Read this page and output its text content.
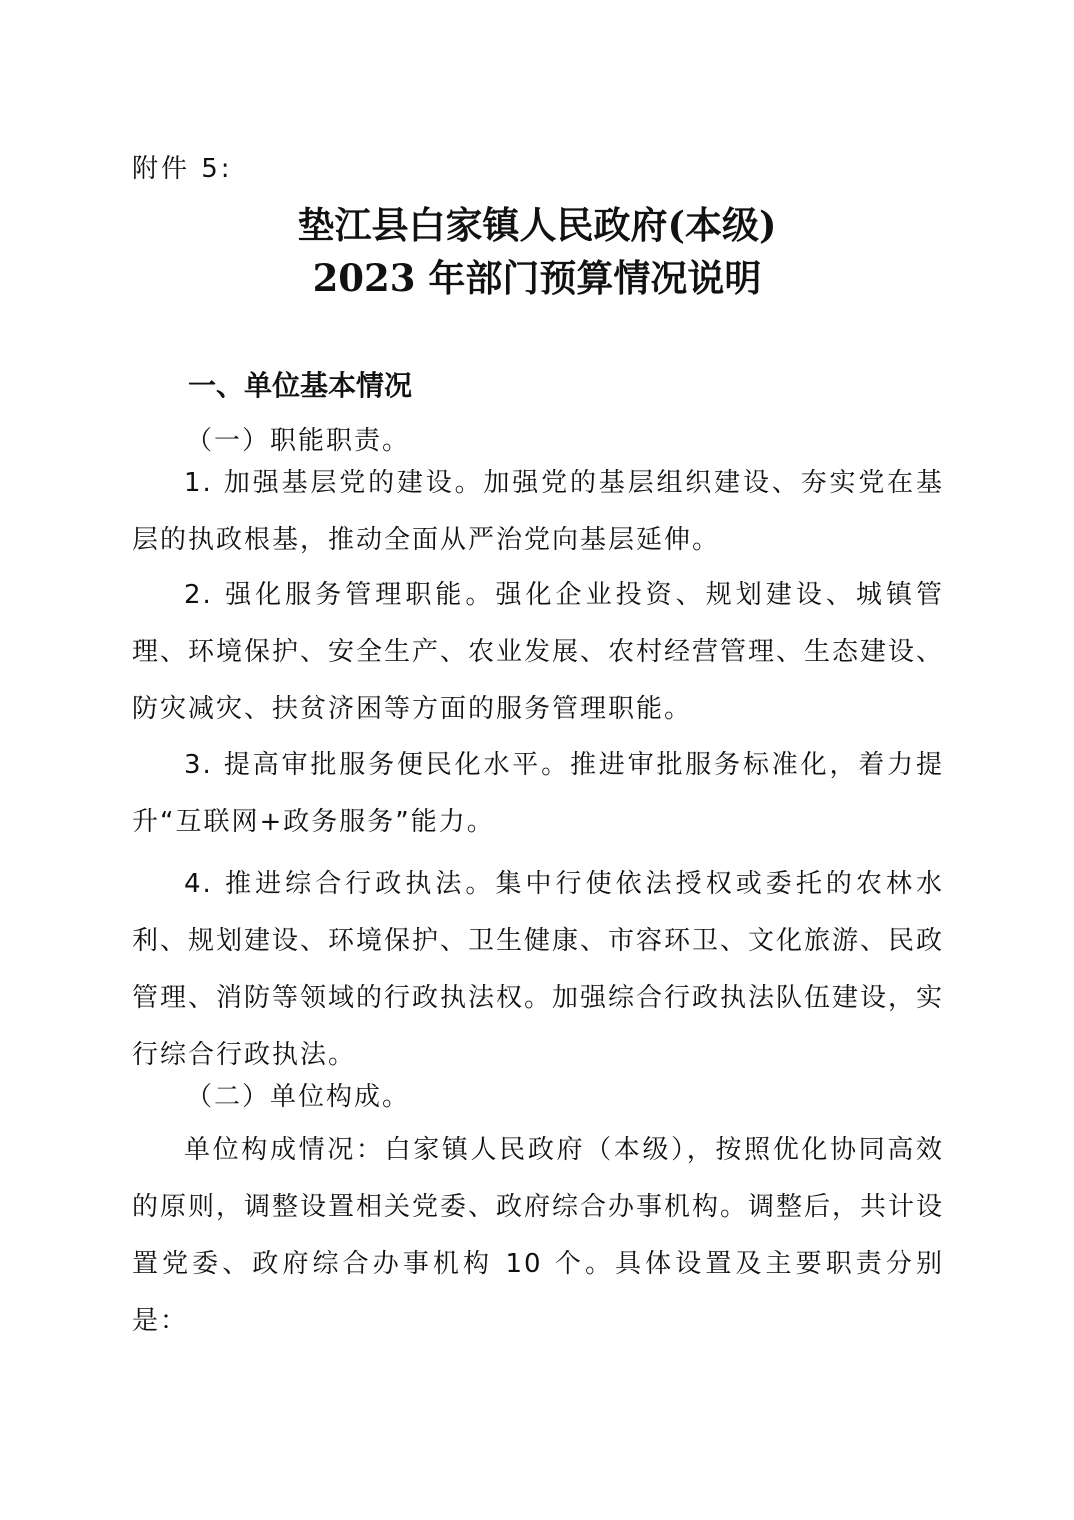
附件 5:
垫江县白家镇人民政府(本级)
2023 年部门预算情况说明
一、单位基本情况
（一）职能职责。

1. 加强基层党的建设。加强党的基层组织建设、夯实党在基层的执政根基，推动全面从严治党向基层延伸。

2. 强化服务管理职能。强化企业投资、规划建设、城镇管理、环境保护、安全生产、农业发展、农村经营管理、生态建设、防灾减灾、扶贫济困等方面的服务管理职能。

3. 提高审批服务便民化水平。推进审批服务标准化，着力提升“互联网+政务服务”能力。

4. 推进综合行政执法。集中行使依法授权或委托的农林水利、规划建设、环境保护、卫生健康、市容环卫、文化旅游、民政管理、消防等领域的行政执法权。加强综合行政执法队伍建设，实行综合行政执法。

（二）单位构成。

单位构成情况：白家镇人民政府（本级），按照优化协同高效的原则，调整设置相关党委、政府综合办事机构。调整后，共计设置党委、政府综合办事机构 10 个。具体设置及主要职责分别是：
